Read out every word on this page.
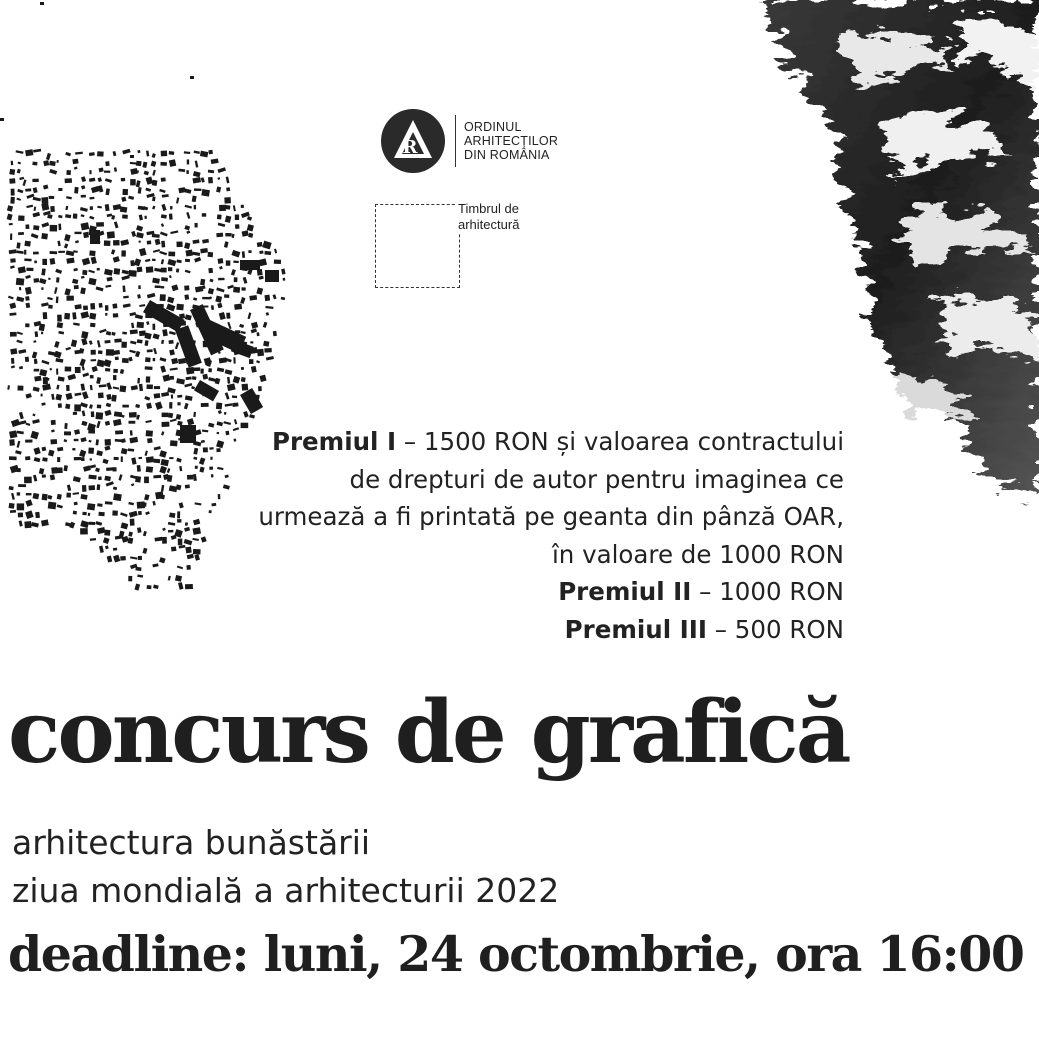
R
ORDINUL
ARHITECȚILOR
DIN ROMÂNIA
Timbrul de
arhitectură
Premiul I – 1500 RON și valoarea contractului de drepturi de autor pentru imaginea ce urmează a fi printată pe geanta din pânză OAR, în valoare de 1000 RON
Premiul II – 1000 RON
Premiul III – 500 RON
concurs de grafică
arhitectura bunăstării
ziua mondială a arhitecturii 2022
deadline: luni, 24 octombrie, ora 16:00
